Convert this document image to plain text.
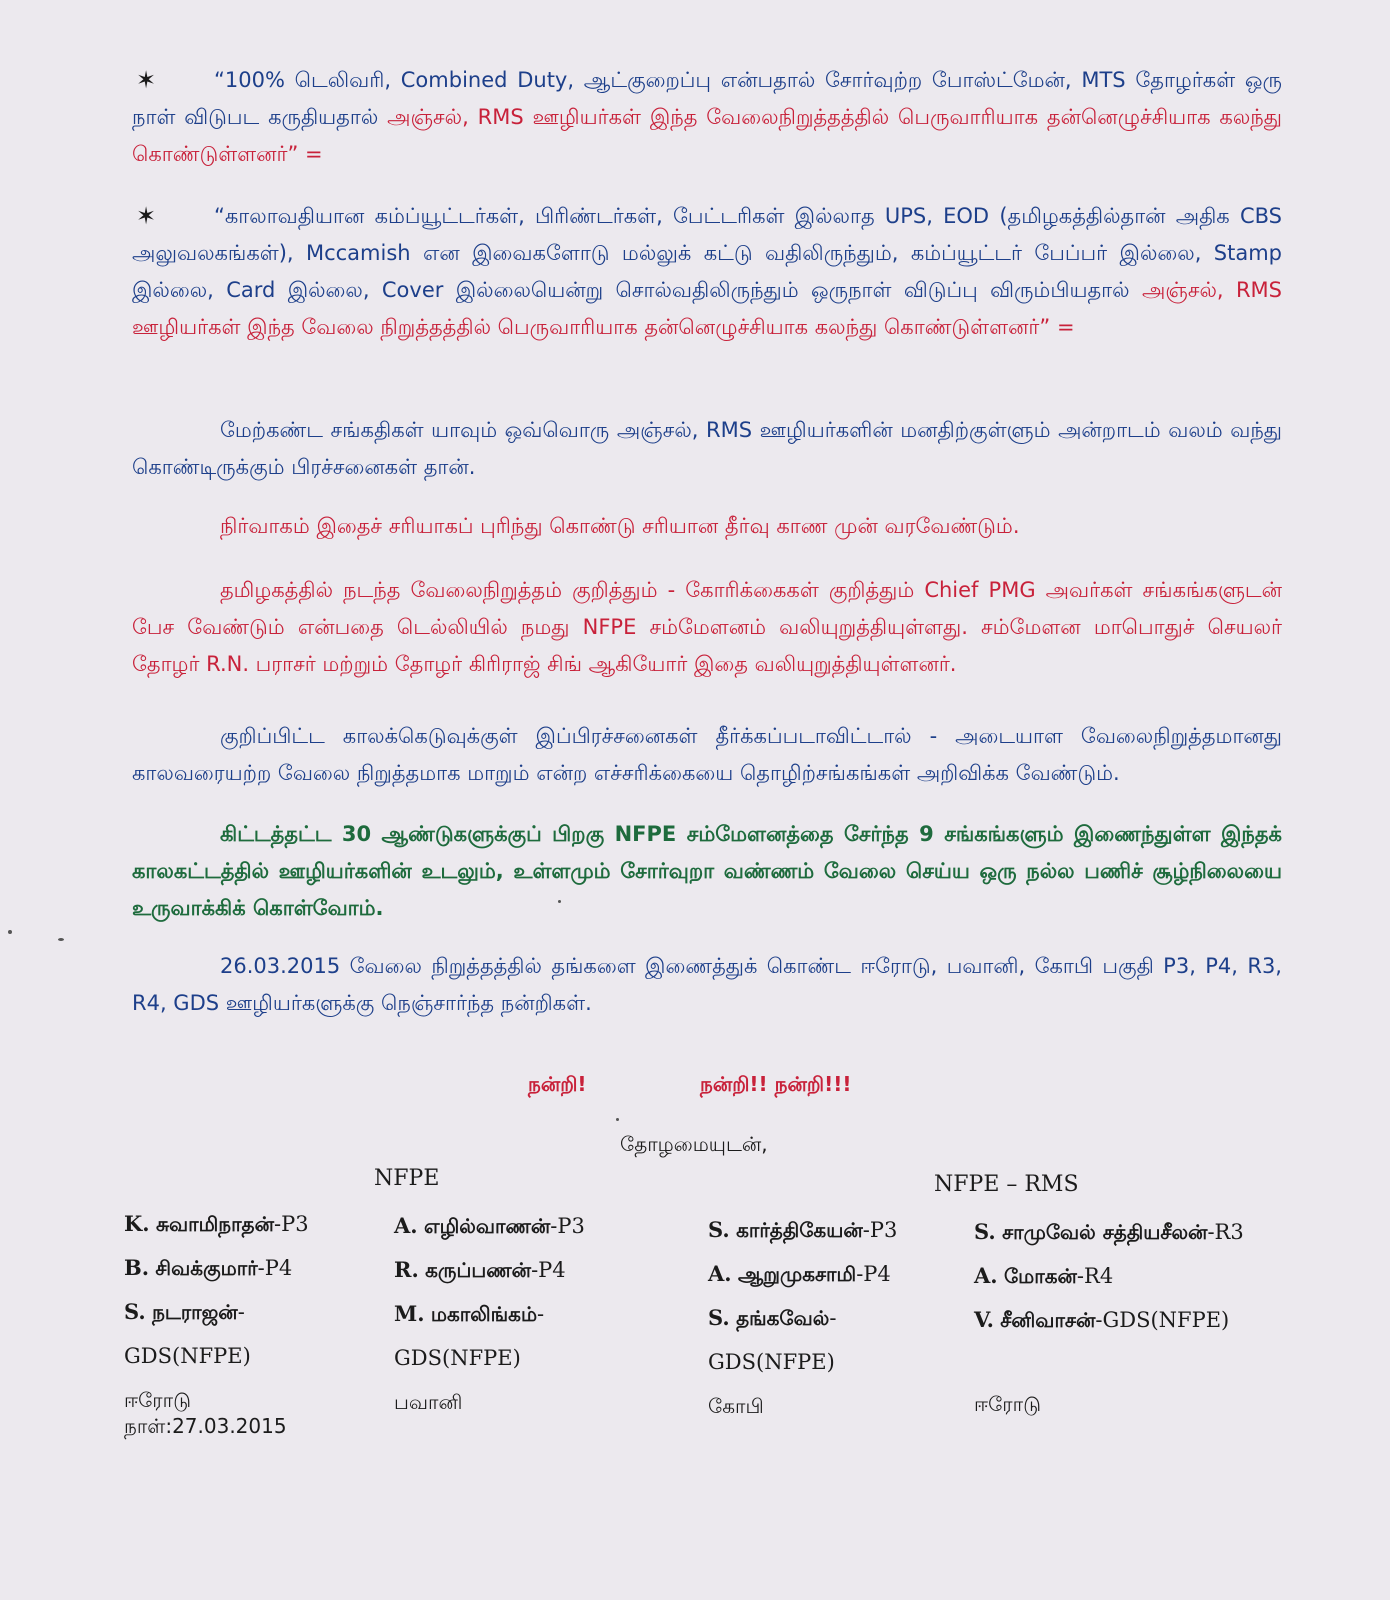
✶	“100% டெலிவரி, Combined Duty, ஆட்குறைப்பு என்பதால் சோர்வுற்ற போஸ்ட்மேன், MTS தோழர்கள் ஒரு நாள் விடுபட கருதியதால் அஞ்சல், RMS ஊழியர்கள் இந்த வேலைநிறுத்தத்தில் பெருவாரியாக தன்னெழுச்சியாக கலந்து கொண்டுள்ளனர்” =
✶	“காலாவதியான கம்ப்யூட்டர்கள், பிரிண்டர்கள், பேட்டரிகள் இல்லாத UPS, EOD (தமிழகத்தில்தான் அதிக CBS அலுவலகங்கள்), Mccamish என இவைகளோடு மல்லுக் கட்டு வதிலிருந்தும், கம்ப்யூட்டர் பேப்பர் இல்லை, Stamp இல்லை, Card இல்லை, Cover இல்லையென்று சொல்வதிலிருந்தும் ஒருநாள் விடுப்பு விரும்பியதால் அஞ்சல், RMS ஊழியர்கள் இந்த வேலை நிறுத்தத்தில் பெருவாரியாக தன்னெழுச்சியாக கலந்து கொண்டுள்ளனர்” =
மேற்கண்ட சங்கதிகள் யாவும் ஒவ்வொரு அஞ்சல், RMS ஊழியர்களின் மனதிற்குள்ளும் அன்றாடம் வலம் வந்து கொண்டிருக்கும் பிரச்சனைகள் தான்.
நிர்வாகம் இதைச் சரியாகப் புரிந்து கொண்டு சரியான தீர்வு காண முன் வரவேண்டும்.
தமிழகத்தில் நடந்த வேலைநிறுத்தம் குறித்தும் - கோரிக்கைகள் குறித்தும் Chief PMG அவர்கள் சங்கங்களுடன் பேச வேண்டும் என்பதை டெல்லியில் நமது NFPE சம்மேளனம் வலியுறுத்தியுள்ளது. சம்மேளன மாபொதுச் செயலர் தோழர் R.N. பராசர் மற்றும் தோழர் கிரிராஜ் சிங் ஆகியோர் இதை வலியுறுத்தியுள்ளனர்.
குறிப்பிட்ட காலக்கெடுவுக்குள் இப்பிரச்சனைகள் தீர்க்கப்படாவிட்டால் - அடையாள வேலைநிறுத்தமானது காலவரையற்ற வேலை நிறுத்தமாக மாறும் என்ற எச்சரிக்கையை தொழிற்சங்கங்கள் அறிவிக்க வேண்டும்.
கிட்டத்தட்ட 30 ஆண்டுகளுக்குப் பிறகு NFPE சம்மேளனத்தை சேர்ந்த 9 சங்கங்களும் இணைந்துள்ள இந்தக் காலகட்டத்தில் ஊழியர்களின் உடலும், உள்ளமும் சோர்வுறா வண்ணம் வேலை செய்ய ஒரு நல்ல பணிச் சூழ்நிலையை உருவாக்கிக் கொள்வோம்.
26.03.2015 வேலை நிறுத்தத்தில் தங்களை இணைத்துக் கொண்ட ஈரோடு, பவானி, கோபி பகுதி P3, P4, R3, R4, GDS ஊழியர்களுக்கு நெஞ்சார்ந்த நன்றிகள்.
நன்றி!	நன்றி!! நன்றி!!!
தோழமையுடன்,
NFPE	NFPE – RMS
K. சுவாமிநாதன்-P3
B. சிவக்குமார்-P4
S. நடராஜன்-
GDS(NFPE)
ஈரோடு
A. எழில்வாணன்-P3
R. கருப்பணன்-P4
M. மகாலிங்கம்-
GDS(NFPE)
பவானி
S. கார்த்திகேயன்-P3
A. ஆறுமுகசாமி-P4
S. தங்கவேல்-
GDS(NFPE)
கோபி
S. சாமுவேல் சத்தியசீலன்-R3
A. மோகன்-R4
V. சீனிவாசன்-GDS(NFPE)
ஈரோடு
நாள்:27.03.2015
